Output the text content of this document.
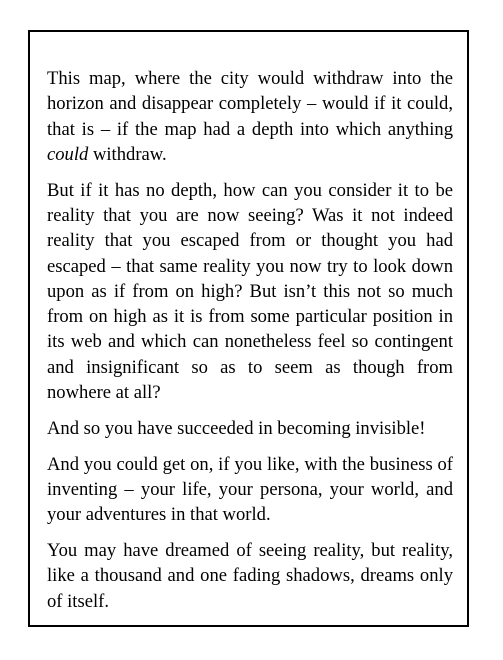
This map, where the city would withdraw into the horizon and disappear completely – would if it could, that is – if the map had a depth into which anything could withdraw.

But if it has no depth, how can you consider it to be reality that you are now seeing? Was it not indeed reality that you escaped from or thought you had escaped – that same reality you now try to look down upon as if from on high? But isn’t this not so much from on high as it is from some particular position in its web and which can nonetheless feel so contingent and insignificant so as to seem as though from nowhere at all?

And so you have succeeded in becoming invisible!

And you could get on, if you like, with the business of inventing – your life, your persona, your world, and your adventures in that world.

You may have dreamed of seeing reality, but reality, like a thousand and one fading shadows, dreams only of itself.
